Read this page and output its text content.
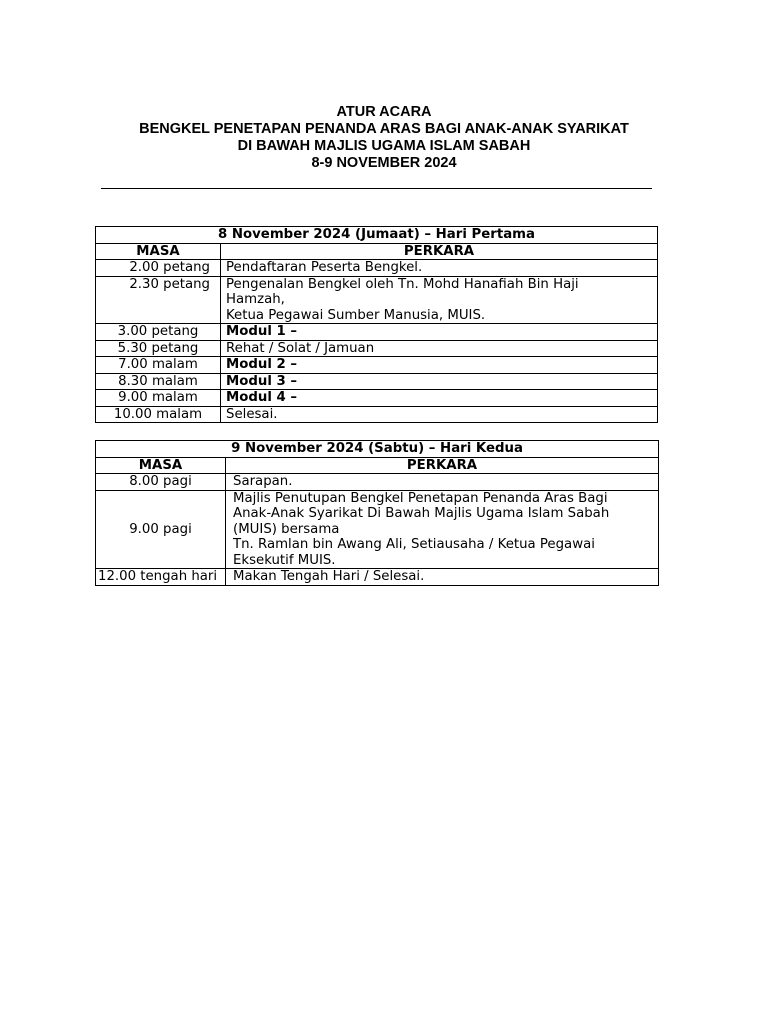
ATUR ACARA
BENGKEL PENETAPAN PENANDA ARAS BAGI ANAK-ANAK SYARIKAT
DI BAWAH MAJLIS UGAMA ISLAM SABAH
8-9 NOVEMBER 2024
8 November 2024 (Jumaat) – Hari Pertama	
MASA	PERKARA
2.00 petang	Pendaftaran Peserta Bengkel.
2.30 petang	Pengenalan Bengkel oleh Tn. Mohd Hanafiah Bin Haji
Hamzah,
Ketua Pegawai Sumber Manusia, MUIS.

3.00 petang	Modul 1 –
5.30 petang	Rehat / Solat / Jamuan
7.00 malam	Modul 2 –
8.30 malam	Modul 3 –
9.00 malam	Modul 4 –
10.00 malam	Selesai.
9 November 2024 (Sabtu) – Hari Kedua	
MASA	PERKARA
8.00 pagi	Sarapan.
9.00 pagi	Majlis Penutupan Bengkel Penetapan Penanda Aras Bagi
Anak-Anak Syarikat Di Bawah Majlis Ugama Islam Sabah
(MUIS) bersama
Tn. Ramlan bin Awang Ali, Setiausaha / Ketua Pegawai
Eksekutif MUIS.

12.00 tengah hari	Makan Tengah Hari / Selesai.
